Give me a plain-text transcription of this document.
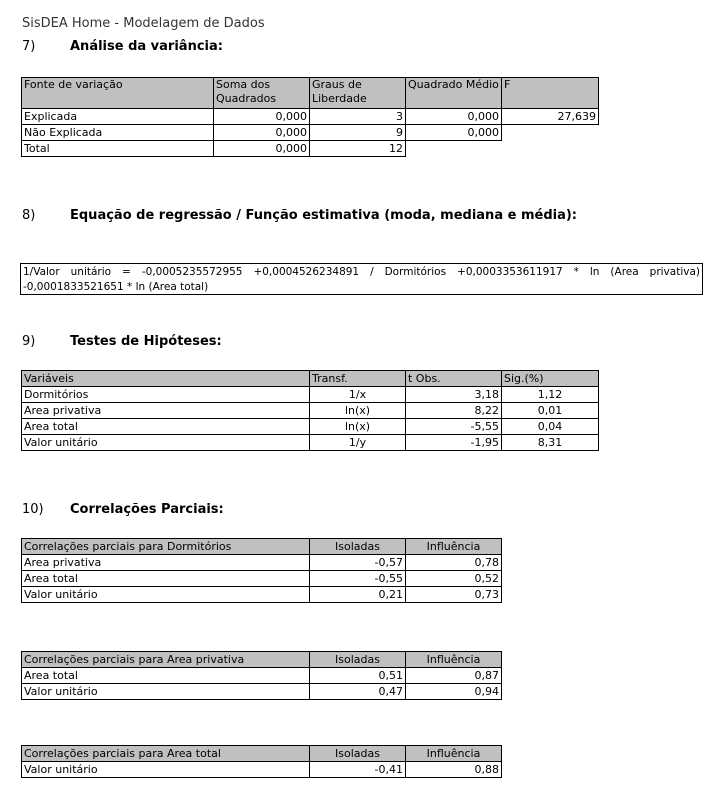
SisDEA Home - Modelagem de Dados
7)	Análise da variância:
Fonte de variação	Soma dos Quadrados	Graus de Liberdade	Quadrado Médio	F
Explicada	0,000	3	0,000	27,639
Não Explicada	0,000	9	0,000	
Total	0,000	12		
8)	Equação de regressão / Função estimativa (moda, mediana e média):
1/Valor unitário = -0,0005235572955 +0,0004526234891 / Dormitórios +0,0003353611917 * ln (Area privativa) -0,0001833521651 * ln (Area total)
9)	Testes de Hipóteses:
Variáveis	Transf.	t Obs.	Sig.(%)
Dormitórios	1/x	3,18	1,12
Area privativa	ln(x)	8,22	0,01
Area total	ln(x)	-5,55	0,04
Valor unitário	1/y	-1,95	8,31
10) Correlações Parciais:
Correlações parciais para Dormitórios	Isoladas	Influência
Area privativa	-0,57	0,78
Area total	-0,55	0,52
Valor unitário	0,21	0,73
Correlações parciais para Area privativa	Isoladas	Influência
Area total	0,51	0,87
Valor unitário	0,47	0,94
Correlações parciais para Area total	Isoladas	Influência
Valor unitário	-0,41	0,88
